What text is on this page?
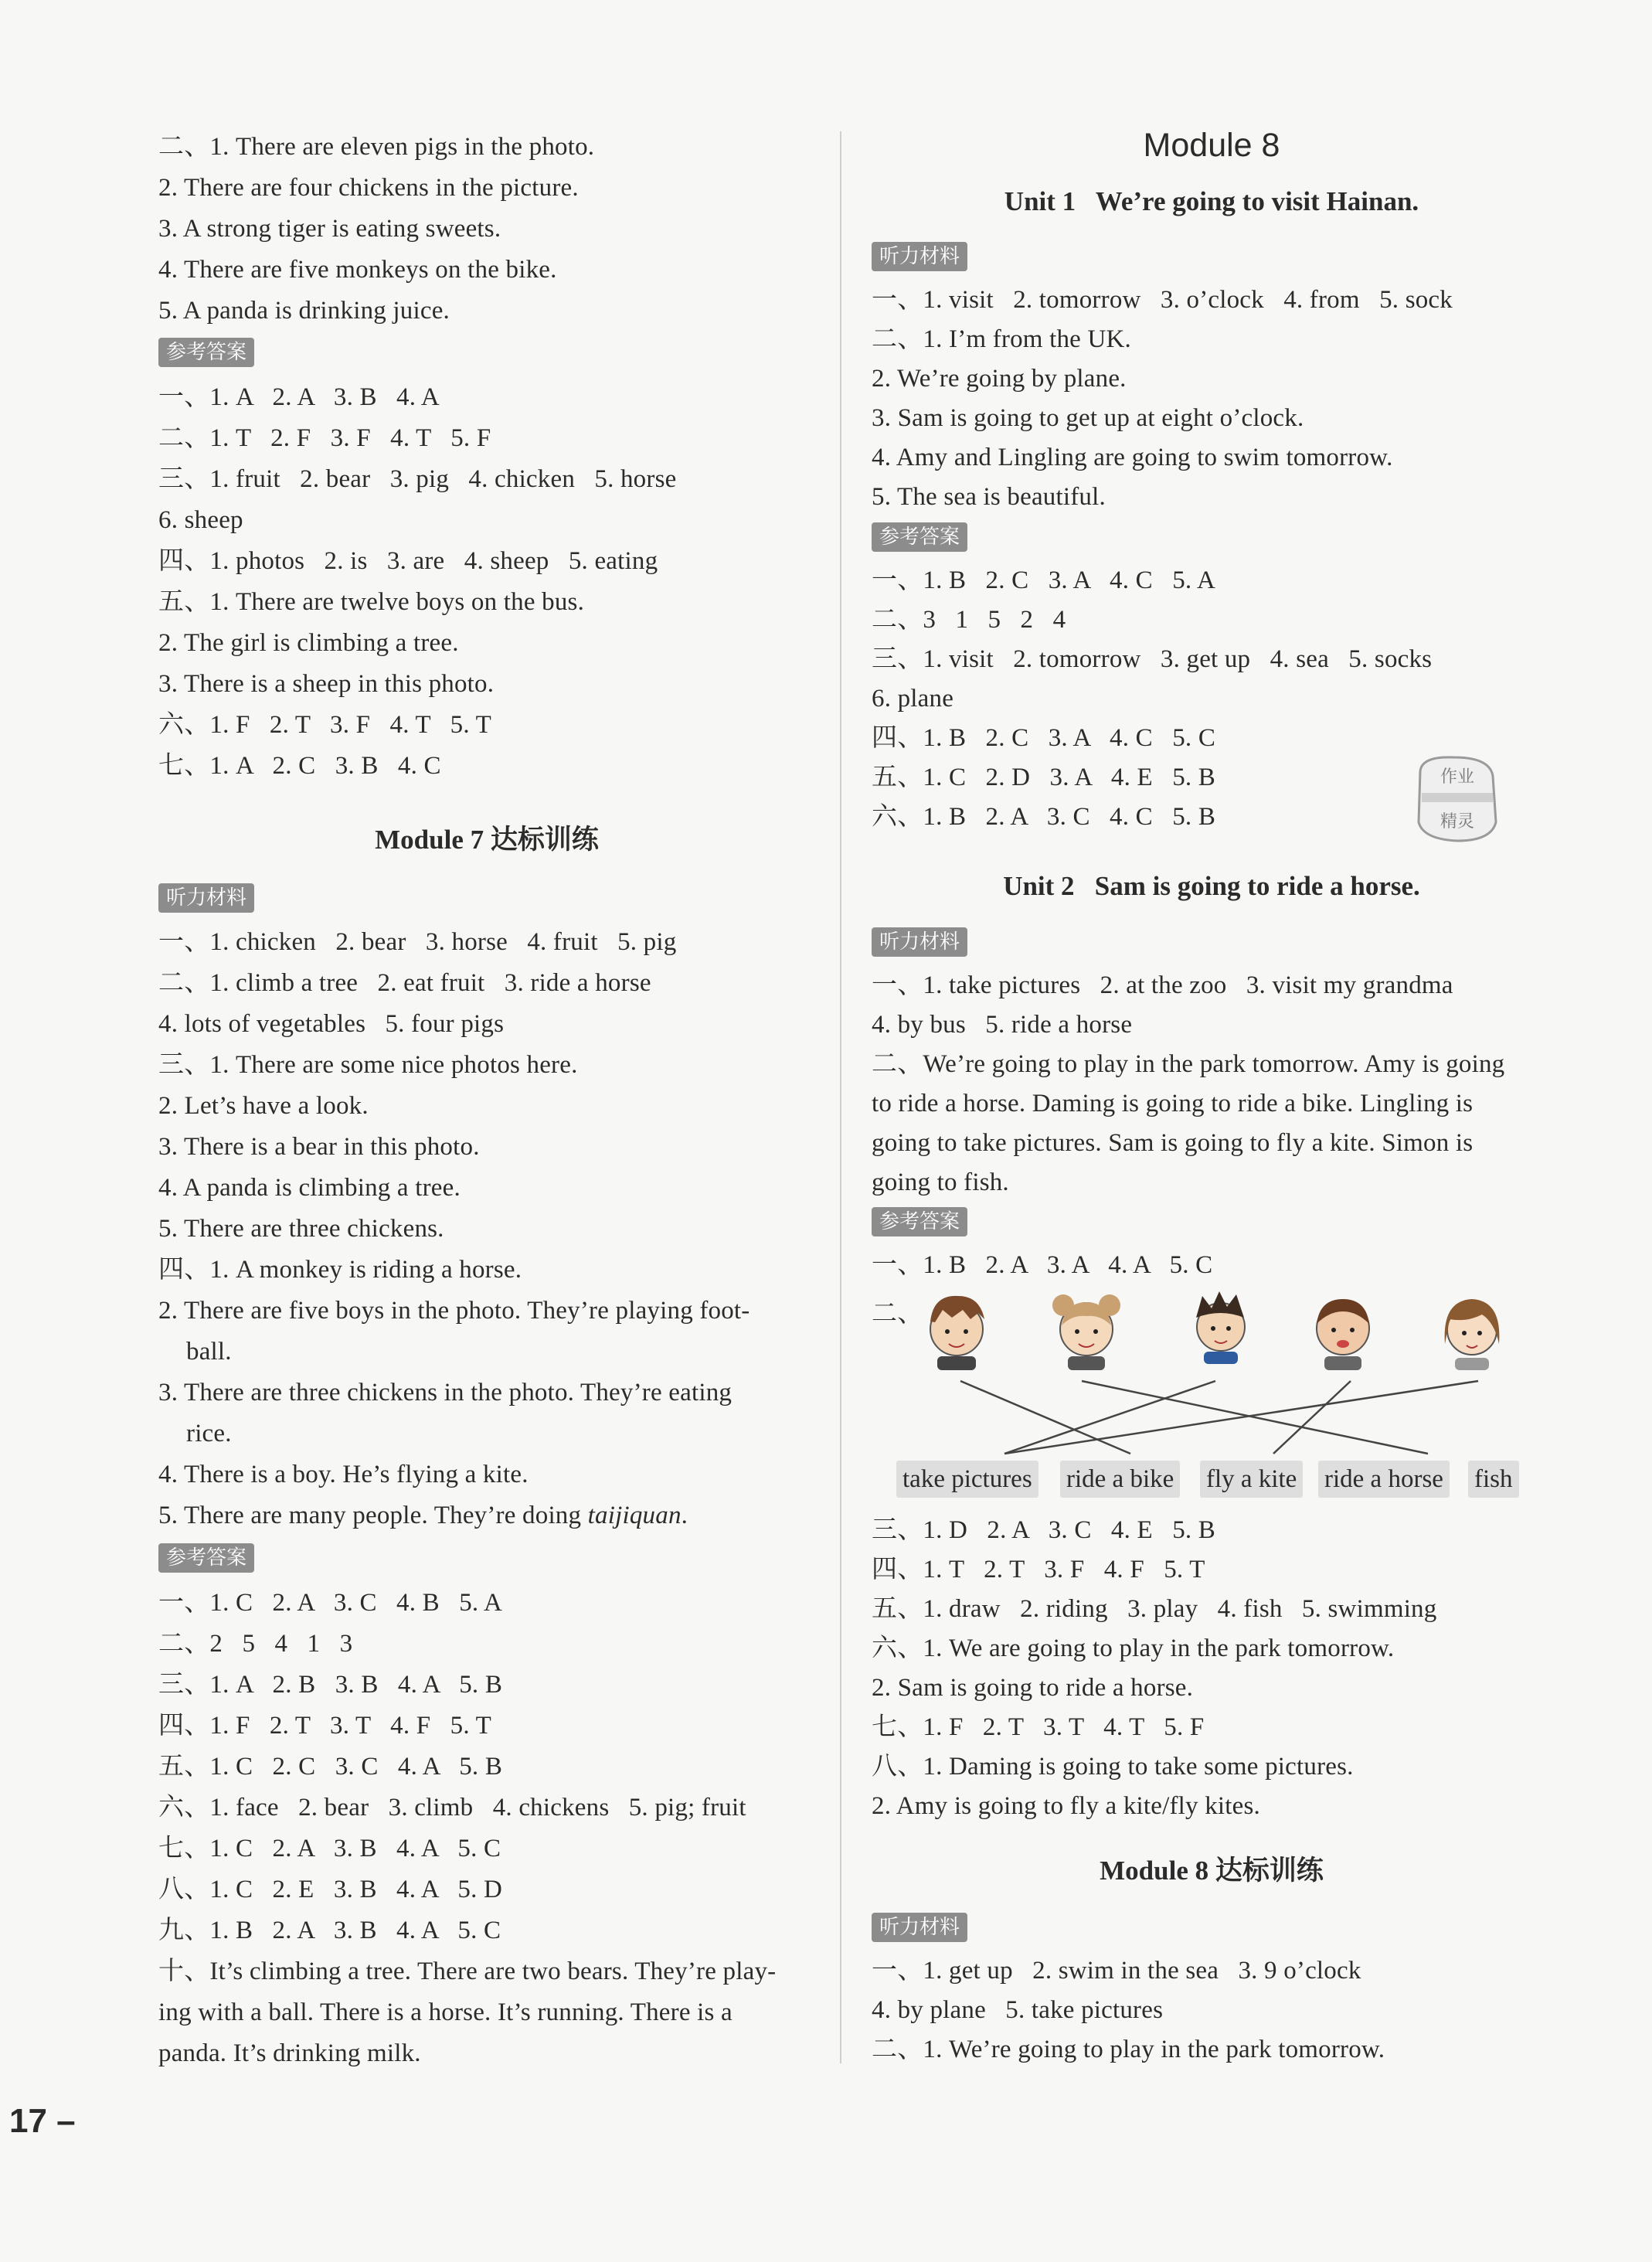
二、1. There are eleven pigs in the photo.
2. There are four chickens in the picture.
3. A strong tiger is eating sweets.
4. There are five monkeys on the bike.
5. A panda is drinking juice.
参考答案
一、1. A   2. A   3. B   4. A
二、1. T   2. F   3. F   4. T   5. F
三、1. fruit   2. bear   3. pig   4. chicken   5. horse
6. sheep
四、1. photos   2. is   3. are   4. sheep   5. eating
五、1. There are twelve boys on the bus.
2. The girl is climbing a tree.
3. There is a sheep in this photo.
六、1. F   2. T   3. F   4. T   5. T
七、1. A   2. C   3. B   4. C
Module 7 达标训练
听力材料
一、1. chicken   2. bear   3. horse   4. fruit   5. pig
二、1. climb a tree   2. eat fruit   3. ride a horse
4. lots of vegetables   5. four pigs
三、1. There are some nice photos here.
2. Let’s have a look.
3. There is a bear in this photo.
4. A panda is climbing a tree.
5. There are three chickens.
四、1. A monkey is riding a horse.
2. There are five boys in the photo. They’re playing foot-
ball.
3. There are three chickens in the photo. They’re eating
rice.
4. There is a boy. He’s flying a kite.
5. There are many people. They’re doing taijiquan.
参考答案
一、1. C   2. A   3. C   4. B   5. A
二、2   5   4   1   3
三、1. A   2. B   3. B   4. A   5. B
四、1. F   2. T   3. T   4. F   5. T
五、1. C   2. C   3. C   4. A   5. B
六、1. face   2. bear   3. climb   4. chickens   5. pig; fruit
七、1. C   2. A   3. B   4. A   5. C
八、1. C   2. E   3. B   4. A   5. D
九、1. B   2. A   3. B   4. A   5. C
十、It’s climbing a tree. There are two bears. They’re play-
ing with a ball. There is a horse. It’s running. There is a
panda. It’s drinking milk.
Module 8
Unit 1   We’re going to visit Hainan.
听力材料
一、1. visit   2. tomorrow   3. o’clock   4. from   5. sock
二、1. I’m from the UK.
2. We’re going by plane.
3. Sam is going to get up at eight o’clock.
4. Amy and Lingling are going to swim tomorrow.
5. The sea is beautiful.
参考答案
一、1. B   2. C   3. A   4. C   5. A
二、3   1   5   2   4
三、1. visit   2. tomorrow   3. get up   4. sea   5. socks
6. plane
四、1. B   2. C   3. A   4. C   5. C
五、1. C   2. D   3. A   4. E   5. B
六、1. B   2. A   3. C   4. C   5. B
Unit 2   Sam is going to ride a horse.
听力材料
一、1. take pictures   2. at the zoo   3. visit my grandma
4. by bus   5. ride a horse
二、We’re going to play in the park tomorrow. Amy is going
to ride a horse. Daming is going to ride a bike. Lingling is
going to take pictures. Sam is going to fly a kite. Simon is
going to fish.
参考答案
一、1. B   2. A   3. A   4. A   5. C
二、
三、1. D   2. A   3. C   4. E   5. B
四、1. T   2. T   3. F   4. F   5. T
五、1. draw   2. riding   3. play   4. fish   5. swimming
六、1. We are going to play in the park tomorrow.
2. Sam is going to ride a horse.
七、1. F   2. T   3. T   4. T   5. F
八、1. Daming is going to take some pictures.
2. Amy is going to fly a kite/fly kites.
Module 8 达标训练
听力材料
一、1. get up   2. swim in the sea   3. 9 o’clock
4. by plane   5. take pictures
二、1. We’re going to play in the park tomorrow.
take pictures ride a bike fly a kite ride a horse fish
作业
精灵
17 –
